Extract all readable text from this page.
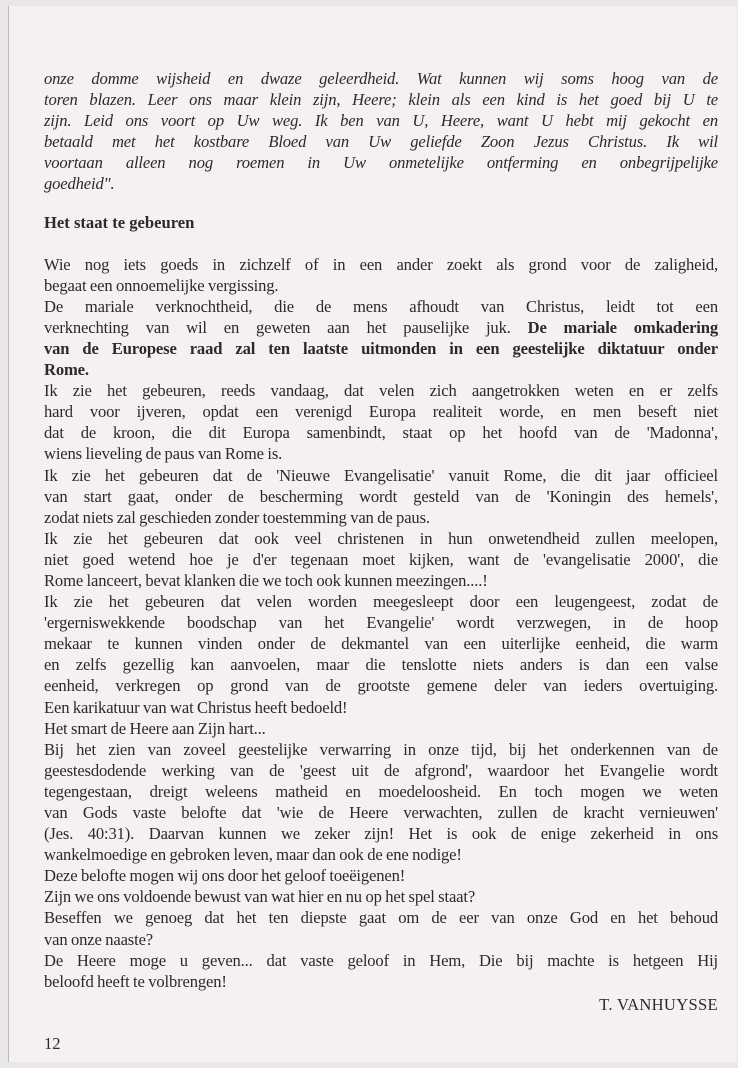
onze domme wijsheid en dwaze geleerdheid. Wat kunnen wij soms hoog van de
toren blazen. Leer ons maar klein zijn, Heere; klein als een kind is het goed bij U te
zijn. Leid ons voort op Uw weg. Ik ben van U, Heere, want U hebt mij gekocht en
betaald met het kostbare Bloed van Uw geliefde Zoon Jezus Christus. Ik wil
voortaan alleen nog roemen in Uw onmetelijke ontferming en onbegrijpelijke
goedheid".
Het staat te gebeuren
Wie nog iets goeds in zichzelf of in een ander zoekt als grond voor de zaligheid,
begaat een onnoemelijke vergissing.
De mariale verknochtheid, die de mens afhoudt van Christus, leidt tot een
verknechting van wil en geweten aan het pauselijke juk. De mariale omkadering
van de Europese raad zal ten laatste uitmonden in een geestelijke diktatuur onder
Rome.
Ik zie het gebeuren, reeds vandaag, dat velen zich aangetrokken weten en er zelfs
hard voor ijveren, opdat een verenigd Europa realiteit worde, en men beseft niet
dat de kroon, die dit Europa samenbindt, staat op het hoofd van de 'Madonna',
wiens lieveling de paus van Rome is.
Ik zie het gebeuren dat de 'Nieuwe Evangelisatie' vanuit Rome, die dit jaar officieel
van start gaat, onder de bescherming wordt gesteld van de 'Koningin des hemels',
zodat niets zal geschieden zonder toestemming van de paus.
Ik zie het gebeuren dat ook veel christenen in hun onwetendheid zullen meelopen,
niet goed wetend hoe je d'er tegenaan moet kijken, want de 'evangelisatie 2000', die
Rome lanceert, bevat klanken die we toch ook kunnen meezingen....!
Ik zie het gebeuren dat velen worden meegesleept door een leugengeest, zodat de
'ergerniswekkende boodschap van het Evangelie' wordt verzwegen, in de hoop
mekaar te kunnen vinden onder de dekmantel van een uiterlijke eenheid, die warm
en zelfs gezellig kan aanvoelen, maar die tenslotte niets anders is dan een valse
eenheid, verkregen op grond van de grootste gemene deler van ieders overtuiging.
Een karikatuur van wat Christus heeft bedoeld!
Het smart de Heere aan Zijn hart...
Bij het zien van zoveel geestelijke verwarring in onze tijd, bij het onderkennen van de
geestesdodende werking van de 'geest uit de afgrond', waardoor het Evangelie wordt
tegengestaan, dreigt weleens matheid en moedeloosheid. En toch mogen we weten
van Gods vaste belofte dat 'wie de Heere verwachten, zullen de kracht vernieuwen'
(Jes. 40:31). Daarvan kunnen we zeker zijn! Het is ook de enige zekerheid in ons
wankelmoedige en gebroken leven, maar dan ook de ene nodige!
Deze belofte mogen wij ons door het geloof toeëigenen!
Zijn we ons voldoende bewust van wat hier en nu op het spel staat?
Beseffen we genoeg dat het ten diepste gaat om de eer van onze God en het behoud
van onze naaste?
De Heere moge u geven... dat vaste geloof in Hem, Die bij machte is hetgeen Hij
beloofd heeft te volbrengen!
T. VANHUYSSE
12
